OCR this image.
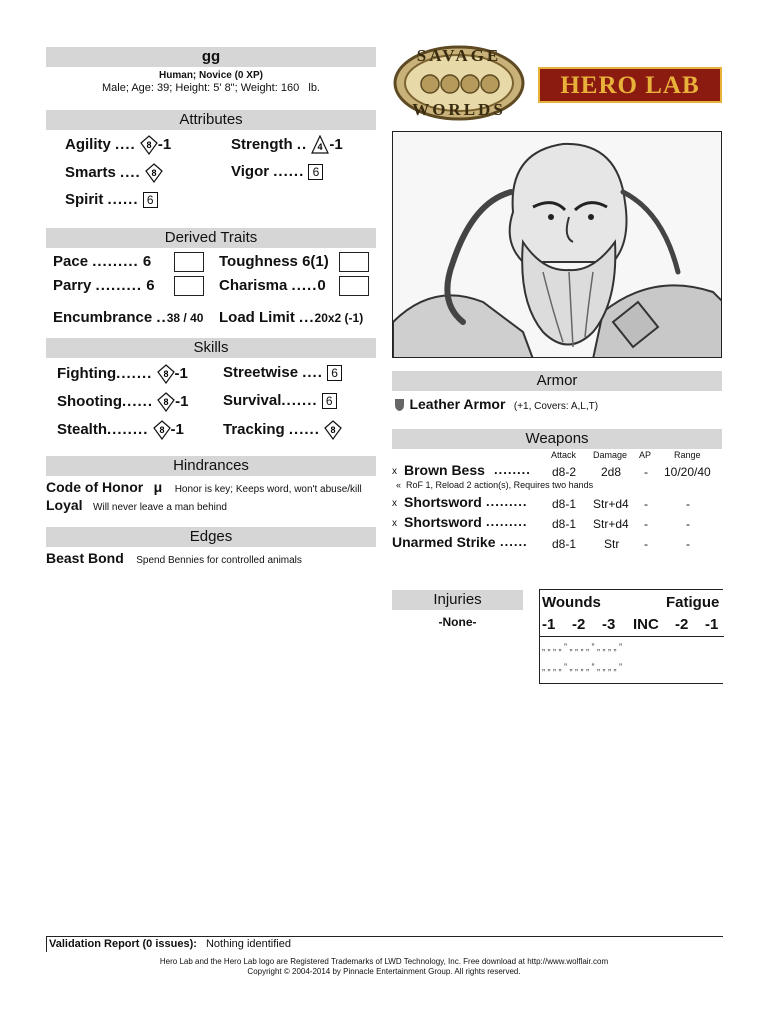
gg
Human; Novice (0 XP)
Male; Age: 39; Height: 5' 8"; Weight: 160 lb.
Attributes
Agility .... 8 -1	Strength .. 4 -1
Smarts .... 8	Vigor ...... 6
Spirit ...... 6
Derived Traits
Pace ......... 6	Toughness 6(1)
Parry ......... 6	Charisma .....0
Encumbrance ..38 / 40 Load Limit ...20x2 (-1)
Skills
Fighting....... 8 -1 Streetwise .... 6
Shooting...... 8 -1 Survival....... 6
Stealth........ 8 -1	Tracking ...... 8
Hindrances
Code of Honor μ Honor is key; Keeps word, won't abuse/kill
Loyal Will never leave a man behind
Edges
Beast Bond Spend Bennies for controlled animals
SAVAGE
WORLDS
HERO LAB
Armor
Leather Armor (+1, Covers: A,L,T)
Weapons
Attack Damage AP	Range
x Brown Bess ........ d8-2 2d8 - 10/20/40
« RoF 1, Reload 2 action(s), Requires two hands
x Shortsword ......... d8-1 Str+d4 -	-
x Shortsword ......... d8-1 Str+d4 -	-
Unarmed Strike ...... d8-1 Str -	-
Injuries
-None-
Wounds	Fatigue
-1 -2 -3 INC -2 -1
„ „ „ „ ” „ „ „ „ ” „ „ „ „ ”
„ „ „ „ ” „ „ „ „ ” „ „ „ „ ”
Validation Report (0 issues): Nothing identified
Hero Lab and the Hero Lab logo are Registered Trademarks of LWD Technology, Inc. Free download at http://www.wolflair.com
Copyright © 2004-2014 by Pinnacle Entertainment Group. All rights reserved.
